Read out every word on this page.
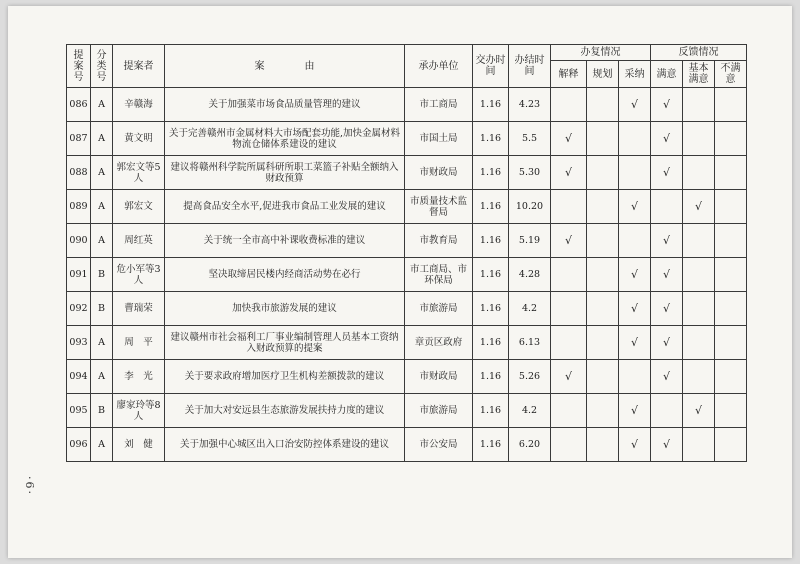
·6·
提案号	分类号	提案者	案　　　　由	承办单位	交办时间	办结时间	办复情况			反馈情况		
							解释	规划	采纳	满意	基本满意	不满意
086	A	辛赣海	关于加强菜市场食品质量管理的建议	市工商局	1.16	4.23			√	√		
087	A	黄文明	关于完善赣州市金属材料大市场配套功能,加快金属材料物流仓储体系建设的建议	市国土局	1.16	5.5	√			√		
088	A	郭宏文等5人	建议将赣州科学院所属科研所职工菜篮子补贴全额纳入财政预算	市财政局	1.16	5.30	√			√		
089	A	郭宏文	提高食品安全水平,促进我市食品工业发展的建议	市质量技术监督局	1.16	10.20			√		√	
090	A	周红英	关于统一全市高中补课收费标准的建议	市教育局	1.16	5.19	√			√		
091	B	危小军等3人	坚决取缔居民楼内经商活动势在必行	市工商局、市环保局	1.16	4.28			√	√		
092	B	曹瑞荣	加快我市旅游发展的建议	市旅游局	1.16	4.2			√	√		
093	A	周　平	建议赣州市社会福利工厂事业编制管理人员基本工资纳入财政预算的提案	章贡区政府	1.16	6.13			√	√		
094	A	李　光	关于要求政府增加医疗卫生机构差额拨款的建议	市财政局	1.16	5.26	√			√		
095	B	廖家玲等8人	关于加大对安远县生态旅游发展扶持力度的建议	市旅游局	1.16	4.2			√		√	
096	A	刘　健	关于加强中心城区出入口治安防控体系建设的建议	市公安局	1.16	6.20			√	√		
